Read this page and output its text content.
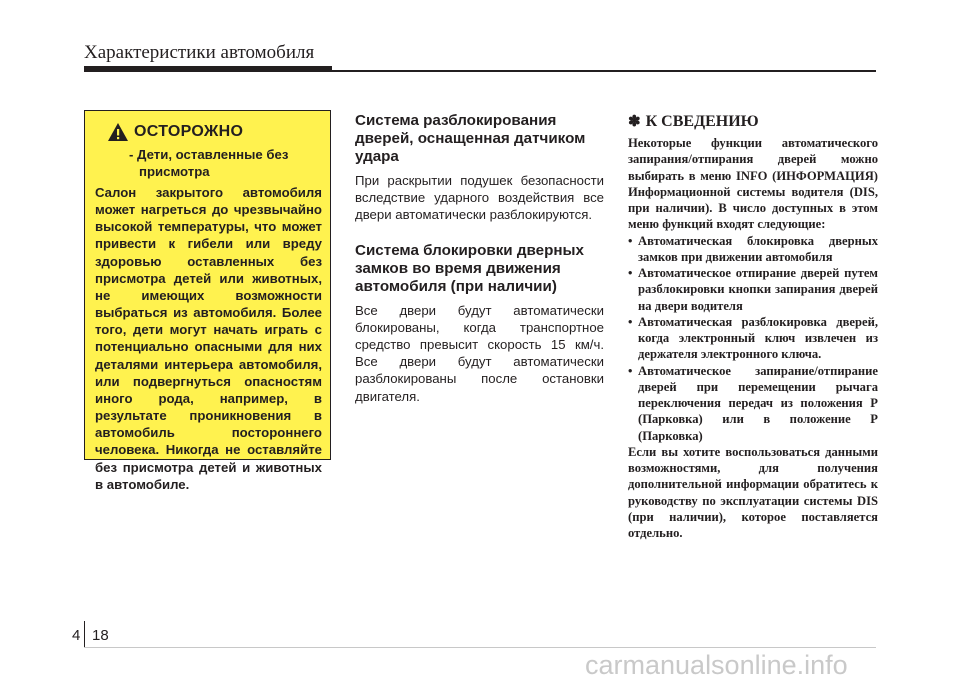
Характеристики автомобиля
ОСТОРОЖНО
- Дети, оставленные без присмотра
Салон закрытого автомобиля может нагреться до чрезвычайно высокой температуры, что может привести к гибели или вреду здоровью оставленных без присмотра детей или животных, не имеющих возможности выбраться из автомобиля. Более того, дети могут начать играть с потенциально опасными для них деталями интерьера автомобиля, или подвергнуться опасностям иного рода, например, в результате проникновения в автомобиль постороннего человека. Никогда не оставляйте без присмотра детей и животных в автомобиле.
Система разблокирования дверей, оснащенная датчиком удара

При раскрытии подушек безопасности вследствие ударного воздействия все двери автоматически разблокируются.

Система блокировки дверных замков во время движения автомобиля (при наличии)

Все двери будут автоматически блокированы, когда транспортное средство превысит скорость 15 км/ч. Все двери будут автоматически разблокированы после остановки двигателя.

✽ К СВЕДЕНИЮ
Некоторые функции автоматического запирания/отпирания дверей можно выбирать в меню INFO (ИНФОРМАЦИЯ) Информационной системы водителя (DIS, при наличии). В число доступных в этом меню функций входят следующие:
• Автоматическая блокировка дверных замков при движении автомобиля
• Автоматическое отпирание дверей путем разблокировки кнопки запирания дверей на двери водителя
• Автоматическая разблокировка дверей, когда электронный ключ извлечен из держателя электронного ключа.
• Автоматическое запирание/отпирание дверей при перемещении рычага переключения передач из положения P (Парковка) или в положение P (Парковка)
Если вы хотите воспользоваться данными возможностями, для получения дополнительной информации обратитесь к руководству по эксплуатации системы DIS (при наличии), которое поставляется отдельно.
4 18
carmanualsonline.info
